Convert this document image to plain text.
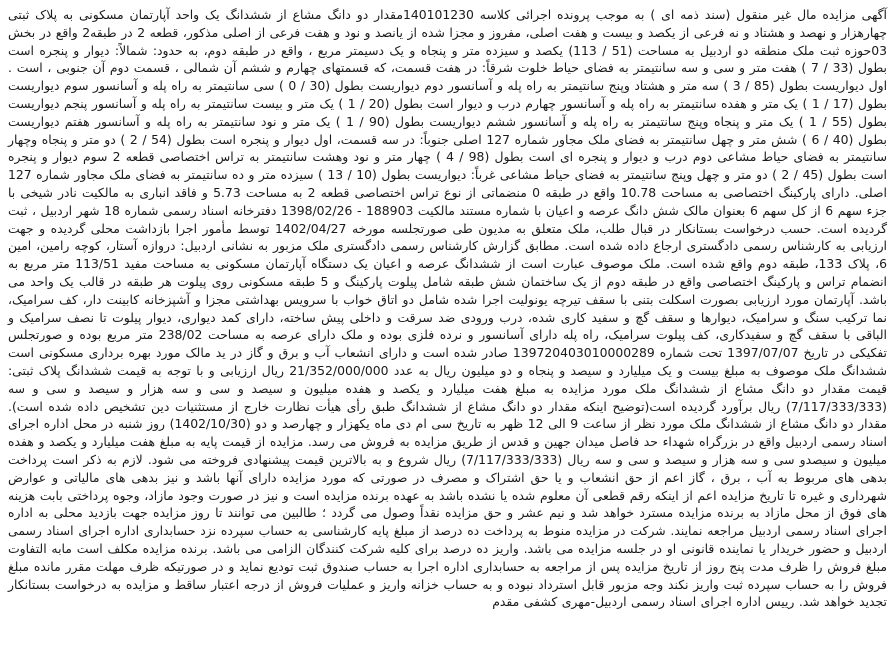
آگهی مزایده مال غیر منقول (سند ذمه ای ) به موجب پرونده اجرائی کلاسه 140101230مقدار دو دانگ مشاع از ششدانگ یک واحد آپارتمان مسکونی به پلاک ثبتی چهارهزار و نهصد و هشتاد و نه فرعی از یکصد و بیست و هفت اصلی، مفروز و مجزا شده از یانصد و نود و هفت فرعی از اصلی مذکور، قطعه 2 در طبقه2 واقع در بخش 03حوزه ثبت ملک منطقه دو اردبیل به مساحت (51 / 113) یکصد و سیزده متر و پنجاه و یک دسیمتر مربع ، واقع در طبقه دوم، به حدود: شمالاً: دیوار و پنجره است بطول (33 / 7 ) هفت متر و سی و سه سانتیمتر به فضای حیاط خلوت شرقاً: در هفت قسمت، که قسمتهای چهارم و ششم آن شمالی ، قسمت دوم آن جنوبی ، است . اول دیواریست بطول (85 / 3 ) سه متر و هشتاد وپنج سانتیمتر به راه پله و آسانسور دوم دیواریست بطول (30 / 0 ) سی سانتیمتر به راه پله و آسانسور سوم دیواریست بطول (17 / 1 ) یک متر و هفده سانتیمتر به راه پله و آسانسور چهارم درب و دیوار است بطول (20 / 1 ) یک متر و بیست سانتیمتر به راه پله و آسانسور پنجم دیواریست بطول (55 / 1 ) یک متر و پنجاه وپنج سانتیمتر به راه پله و آسانسور ششم دیواریست بطول (90 / 1 ) یک متر و نود سانتیمتر به راه پله و آسانسور هفتم دیواریست بطول (40 / 6 ) شش متر و چهل سانتیمتر به فضای ملک مجاور شماره 127 اصلی جنوباً: در سه قسمت، اول دیوار و پنجره است بطول (54 / 2 ) دو متر و پنجاه وچهار سانتیمتر به فضای حیاط مشاعی دوم درب و دیوار و پنجره ای است بطول (98 / 4 ) چهار متر و نود وهشت سانتیمتر به تراس اختصاصی قطعه 2 سوم دیوار و پنجره است بطول (45 / 2 ) دو متر و چهل وپنج سانتیمتر به فضای حیاط مشاعی غرباً: دیواریست بطول (10 / 13 ) سیزده متر و ده سانتیمتر به فضای ملک مجاور شماره 127 اصلی. دارای پارکینگ اختصاصی به مساحت 10.78 واقع در طبقه 0 منضماتی از نوع تراس اختصاصی قطعه 2 به مساحت 5.73 و فاقد انباری به مالکیت نادر شیخی با جزء سهم 6 از کل سهم 6 بعنوان مالک شش دانگ عرصه و اعیان با شماره مستند مالکیت 188903 - 1398/02/26 دفترخانه اسناد رسمی شماره 18 شهر اردبیل ، ثبت گردیده است. حسب درخواست بستانکار در قبال طلب، ملک متعلق به مدیون طی صورتجلسه مورخه 1402/04/27 توسط مأمور اجرا بازداشت محلی گردیده و جهت ارزیابی به کارشناس رسمی دادگستری ارجاع داده شده است. مطابق گزارش کارشناس رسمی دادگستری ملک مزبور به نشانی اردبیل: دروازه آستار، کوچه رامین، امین 6، پلاک 133، طبقه دوم واقع شده است. ملک موصوف عبارت است از ششدانگ عرصه و اعیان یک دستگاه آپارتمان مسکونی به مساحت مفید 113/51 متر مربع به انضمام تراس و پارکینگ اختصاصی واقع در طبقه دوم از یک ساختمان شش طبقه شامل پیلوت پارکینگ و 5 طبقه مسکونی روی پیلوت هر طبقه در قالب یک واحد می باشد. آپارتمان مورد ارزیابی بصورت اسکلت بتنی با سقف تیرچه یونولیت اجرا شده شامل دو اتاق خواب با سرویس بهداشتی مجزا و آشپزخانه کابینت دار، کف سرامیک، نما ترکیب سنگ و سرامیک، دیوارها و سقف گچ و سفید کاری شده، درب ورودی ضد سرقت و داخلی پیش ساخته، دارای کمد دیواری، دیوار پیلوت تا نصف سرامیک و الباقی با سقف گچ و سفیدکاری، کف پیلوت سرامیک، راه پله دارای آسانسور و نرده فلزی بوده و ملک دارای عرصه به مساحت 238/02 متر مربع بوده و صورتجلس تفکیکی در تاریخ 1397/07/07 تحت شماره 139720403010000289 صادر شده است و دارای انشعاب آب و برق و گاز در ید مالک مورد بهره برداری مسکونی است ششدانگ ملک موصوف به مبلغ بیست و یک میلیارد و سیصد و پنجاه و دو میلیون ریال به عدد 21/352/000/000 ریال ارزیابی و با توجه به قیمت ششدانگ پلاک ثبتی: قیمت مقدار دو دانگ مشاع از ششدانگ ملک مورد مزایده به مبلغ هفت میلیارد و یکصد و هفده میلیون و سیصد و سی و سه هزار و سیصد و سی و سه (7/117/333/333) ریال برآورد گردیده است(توضیح اینکه مقدار دو دانگ مشاع از ششدانگ طبق رأی هیأت نظارت خارج از مستثنیات دین تشخیص داده شده است). مقدار دو دانگ مشاع از ششدانگ ملک مورد نظر از ساعت 9 الی 12 ظهر به تاریخ سی ام دی ماه یکهزار و چهارصد و دو (1402/10/30) روز شنبه در محل اداره اجرای اسناد رسمی اردبیل واقع در بزرگراه شهداء حد فاصل میدان جهین و قدس از طریق مزایده به فروش می رسد. مزایده از قیمت پایه به مبلغ هفت میلیارد و یکصد و هفده میلیون و سیصدو سی و سه هزار و سیصد و سی و سه ریال (7/117/333/333) ریال شروع و به بالاترین قیمت پیشنهادی فروخته می شود. لازم به ذکر است پرداخت بدهی های مربوط به آب ، برق ، گاز اعم از حق انشعاب و یا حق اشتراک و مصرف در صورتی که مورد مزایده دارای آنها باشد و نیز بدهی های مالیاتی و عوارض شهرداری و غیره تا تاریخ مزایده اعم از اینکه رقم قطعی آن معلوم شده یا نشده باشد به عهده برنده مزایده است و نیز در صورت وجود مازاد، وجوه پرداختی بابت هزینه های فوق از محل مازاد به برنده مزایده مسترد خواهد شد و نیم عشر و حق مزایده نقداً وصول می گردد ؛ طالبین می توانند تا روز مزایده جهت بازدید محلی به اداره اجرای اسناد رسمی اردبیل مراجعه نمایند. شرکت در مزایده منوط به پرداخت ده درصد از مبلغ پایه کارشناسی به حساب سپرده نزد حسابداری اداره اجرای اسناد رسمی اردبیل و حضور خریدار یا نماینده قانونی او در جلسه مزایده می باشد. واریز ده درصد برای کلیه شرکت کنندگان الزامی می باشد. برنده مزایده مکلف است مابه التفاوت مبلغ فروش را ظرف مدت پنج روز از تاریخ مزایده پس از مراجعه به حسابداری اداره اجرا به حساب صندوق ثبت تودیع نماید و در صورتیکه ظرف مهلت مقرر مانده مبلغ فروش را به حساب سپرده ثبت واریز نکند وجه مزبور قابل استرداد نبوده و به حساب خزانه واریز و عملیات فروش از درجه اعتبار ساقط و مزایده به درخواست بستانکار تجدید خواهد شد. رییس اداره اجرای اسناد رسمی اردبیل-مهری کشفی مقدم
